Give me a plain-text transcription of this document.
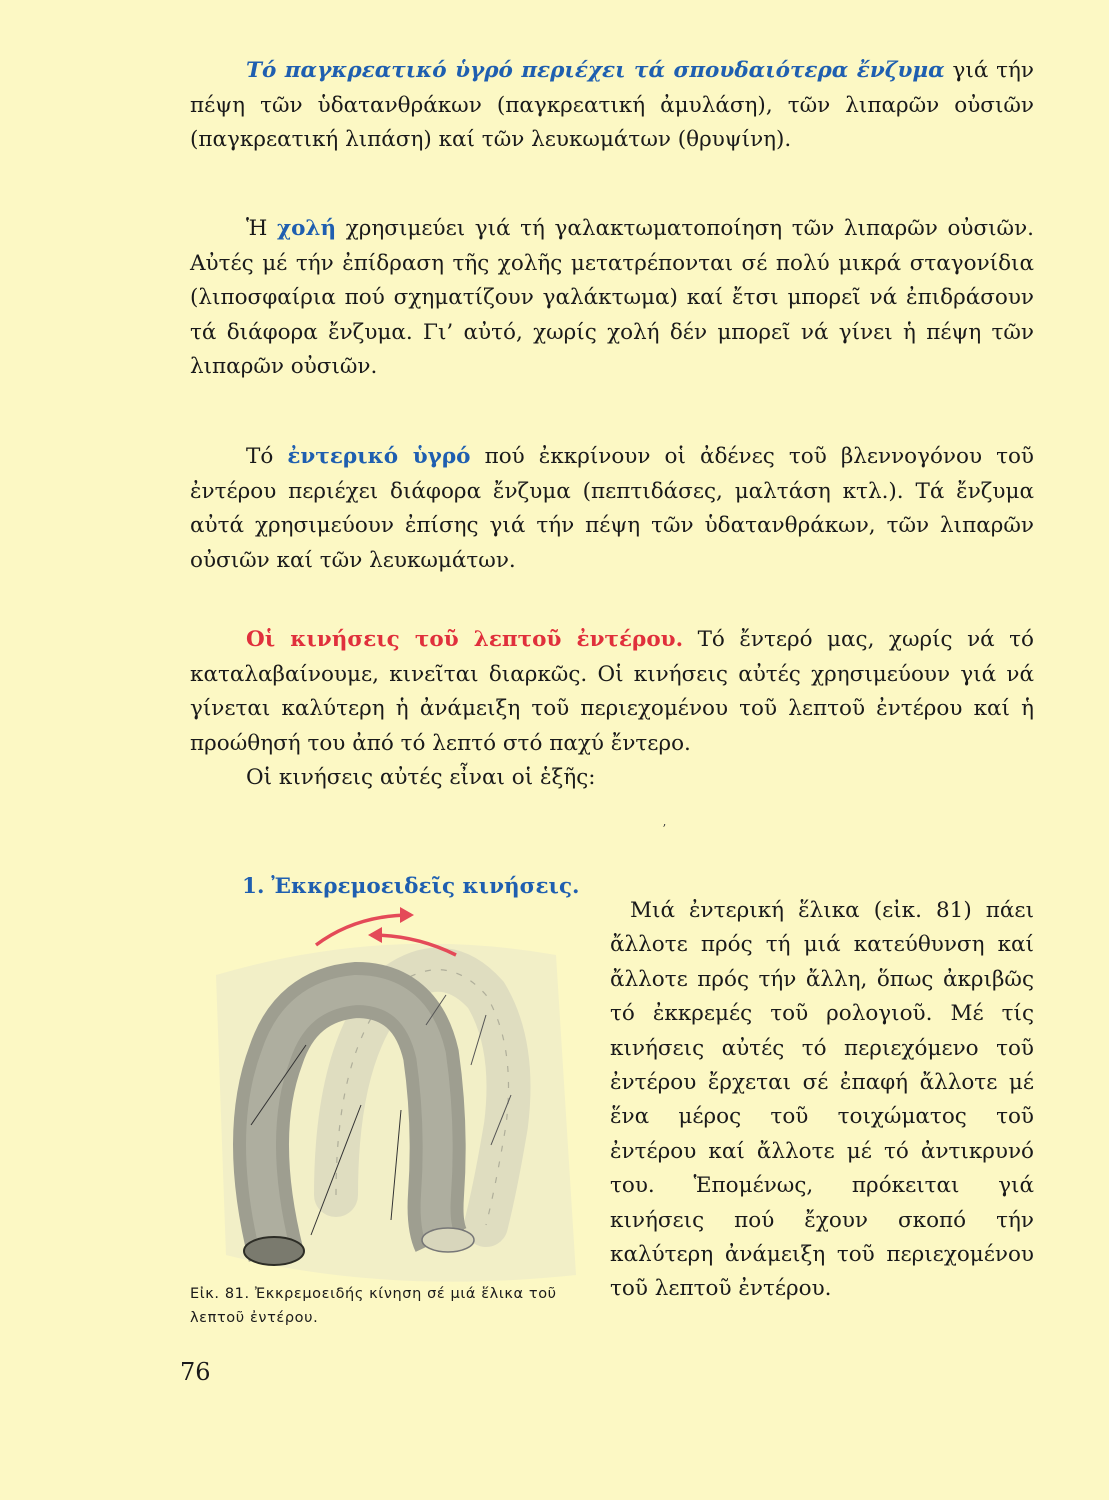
Τό παγκρεατικό ὑγρό περιέχει τά σπουδαιότερα ἔνζυμα γιά τήν πέψη τῶν ὑδατανθράκων (παγκρεατική ἀμυλάση), τῶν λιπαρῶν οὐσιῶν (παγκρεατική λιπάση) καί τῶν λευκωμάτων (θρυψίνη).

Ἡ χολή χρησιμεύει γιά τή γαλακτωματοποίηση τῶν λιπαρῶν οὐσιῶν. Αὐτές μέ τήν ἐπίδραση τῆς χολῆς μετατρέπονται σέ πολύ μικρά σταγονίδια (λιποσφαίρια πού σχηματίζουν γαλάκτωμα) καί ἔτσι μπορεῖ νά ἐπιδράσουν τά διάφορα ἔνζυμα. Γι’ αὐτό, χωρίς χολή δέν μπορεῖ νά γίνει ἡ πέψη τῶν λιπαρῶν οὐσιῶν.

Τό ἐντερικό ὑγρό πού ἐκκρίνουν οἱ ἀδένες τοῦ βλεννογόνου τοῦ ἐντέρου περιέχει διάφορα ἔνζυμα (πεπτιδάσες, μαλτάση κτλ.). Τά ἔνζυμα αὐτά χρησιμεύουν ἐπίσης γιά τήν πέψη τῶν ὑδατανθράκων, τῶν λιπαρῶν οὐσιῶν καί τῶν λευκωμάτων.

Οἱ κινήσεις τοῦ λεπτοῦ ἐντέρου. Τό ἔντερό μας, χωρίς νά τό καταλαβαίνουμε, κινεῖται διαρκῶς. Οἱ κινήσεις αὐτές χρησιμεύουν γιά νά γίνεται καλύτερη ἡ ἀνάμειξη τοῦ περιεχομένου τοῦ λεπτοῦ ἐντέρου καί ἡ προώθησή του ἀπό τό λεπτό στό παχύ ἔντερο.

Οἱ κινήσεις αὐτές εἶναι οἱ ἑξῆς:

ʼ
1. Ἐκκρεμοειδεῖς κινήσεις.
Μιά ἐντερική ἕλικα (εἰκ. 81) πάει ἄλλοτε πρός τή μιά κατεύθυνση καί ἄλλοτε πρός τήν ἄλλη, ὅπως ἀκριβῶς τό ἐκκρεμές τοῦ ρολογιοῦ. Μέ τίς κινήσεις αὐτές τό περιεχόμενο τοῦ ἐντέρου ἔρχεται σέ ἐπαφή ἄλλοτε μέ ἕνα μέρος τοῦ τοιχώματος τοῦ ἐντέρου καί ἄλλοτε μέ τό ἀντικρυνό του. Ἑπομένως, πρόκειται γιά κινήσεις πού ἔχουν σκοπό τήν καλύτερη ἀνάμειξη τοῦ περιεχομένου τοῦ λεπτοῦ ἐντέρου.
Εἰκ. 81. Ἐκκρεμοειδής κίνηση σέ μιά ἕλικα τοῦ λεπτοῦ ἐντέρου.
76
